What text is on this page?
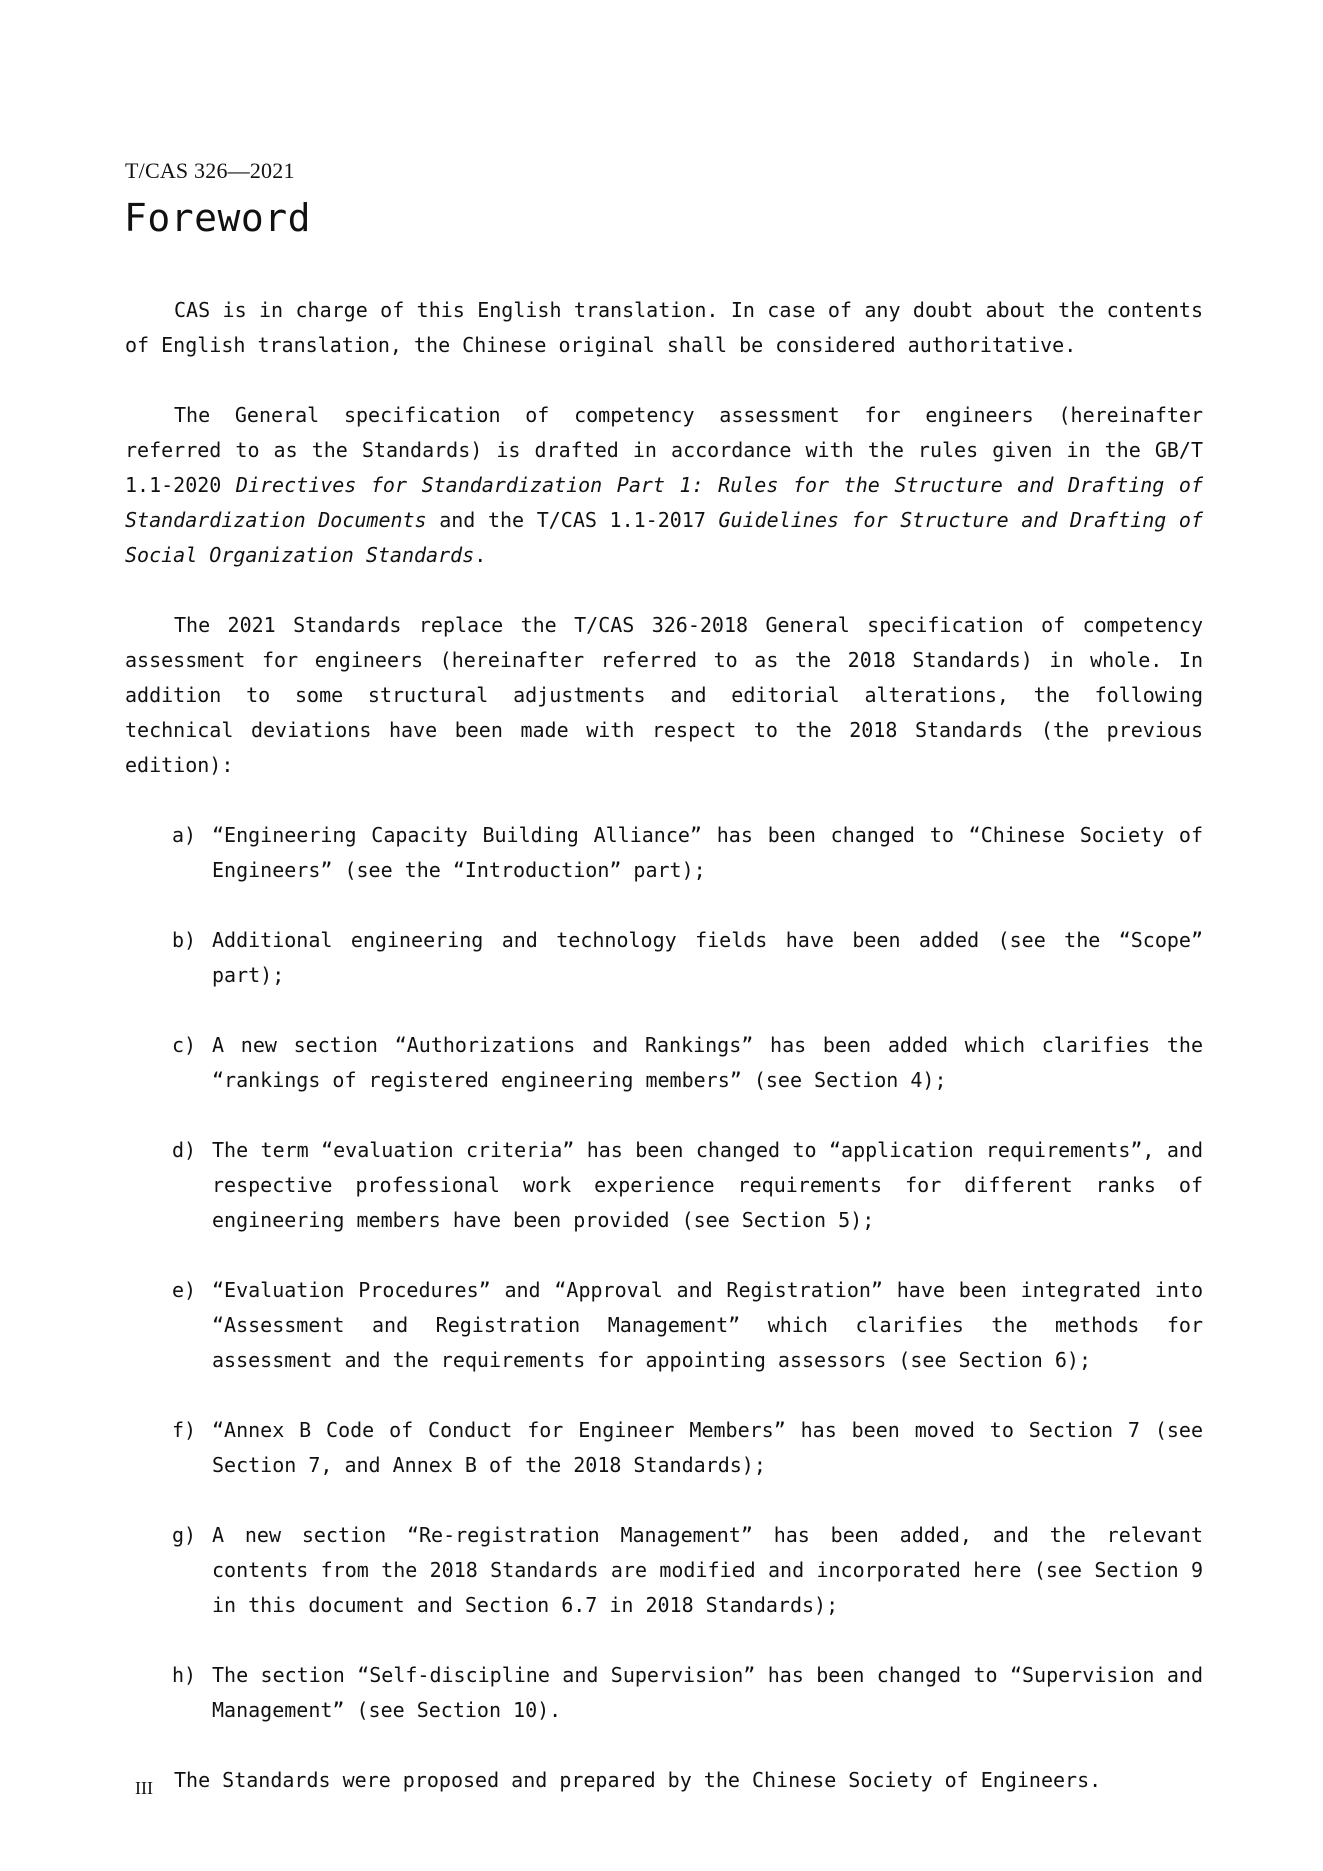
T/CAS 326—2021
Foreword

CAS is in charge of this English translation. In case of any doubt about the contents of English translation, the Chinese original shall be considered authoritative.

The General specification of competency assessment for engineers (hereinafter referred to as the Standards) is drafted in accordance with the rules given in the GB/T 1.1-2020 Directives for Standardization Part 1: Rules for the Structure and Drafting of Standardization Documents and the T/CAS 1.1-2017 Guidelines for Structure and Drafting of Social Organization Standards.

The 2021 Standards replace the T/CAS 326-2018 General specification of competency assessment for engineers (hereinafter referred to as the 2018 Standards) in whole. In addition to some structural adjustments and editorial alterations, the following technical deviations have been made with respect to the 2018 Standards (the previous edition):

a) “Engineering Capacity Building Alliance” has been changed to “Chinese Society of Engineers” (see the “Introduction” part);
b) Additional engineering and technology fields have been added (see the “Scope” part);
c) A new section “Authorizations and Rankings” has been added which clarifies the “rankings of registered engineering members” (see Section 4);
d) The term “evaluation criteria” has been changed to “application requirements”, and respective professional work experience requirements for different ranks of engineering members have been provided (see Section 5);
e) “Evaluation Procedures” and “Approval and Registration” have been integrated into “Assessment and Registration Management” which clarifies the methods for assessment and the requirements for appointing assessors (see Section 6);
f) “Annex B Code of Conduct for Engineer Members” has been moved to Section 7 (see Section 7, and Annex B of the 2018 Standards);
g) A new section “Re-registration Management” has been added, and the relevant contents from the 2018 Standards are modified and incorporated here (see Section 9 in this document and Section 6.7 in 2018 Standards);
h) The section “Self-discipline and Supervision” has been changed to “Supervision and Management” (see Section 10).

The Standards were proposed and prepared by the Chinese Society of Engineers.

III
